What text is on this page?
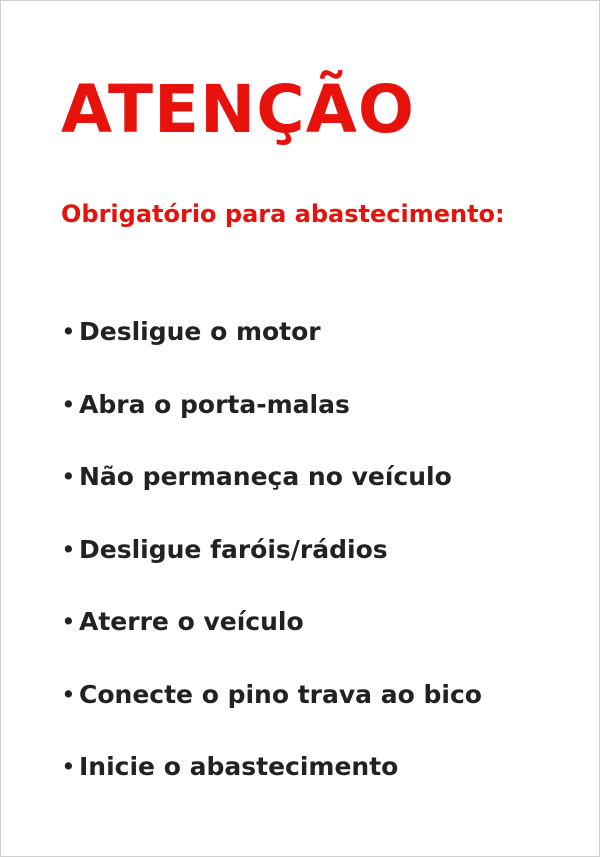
ATENÇÃO

Obrigatório para abastecimento:

• Desligue o motor
• Abra o porta-malas
• Não permaneça no veículo
• Desligue faróis/rádios
• Aterre o veículo
• Conecte o pino trava ao bico
• Inicie o abastecimento
